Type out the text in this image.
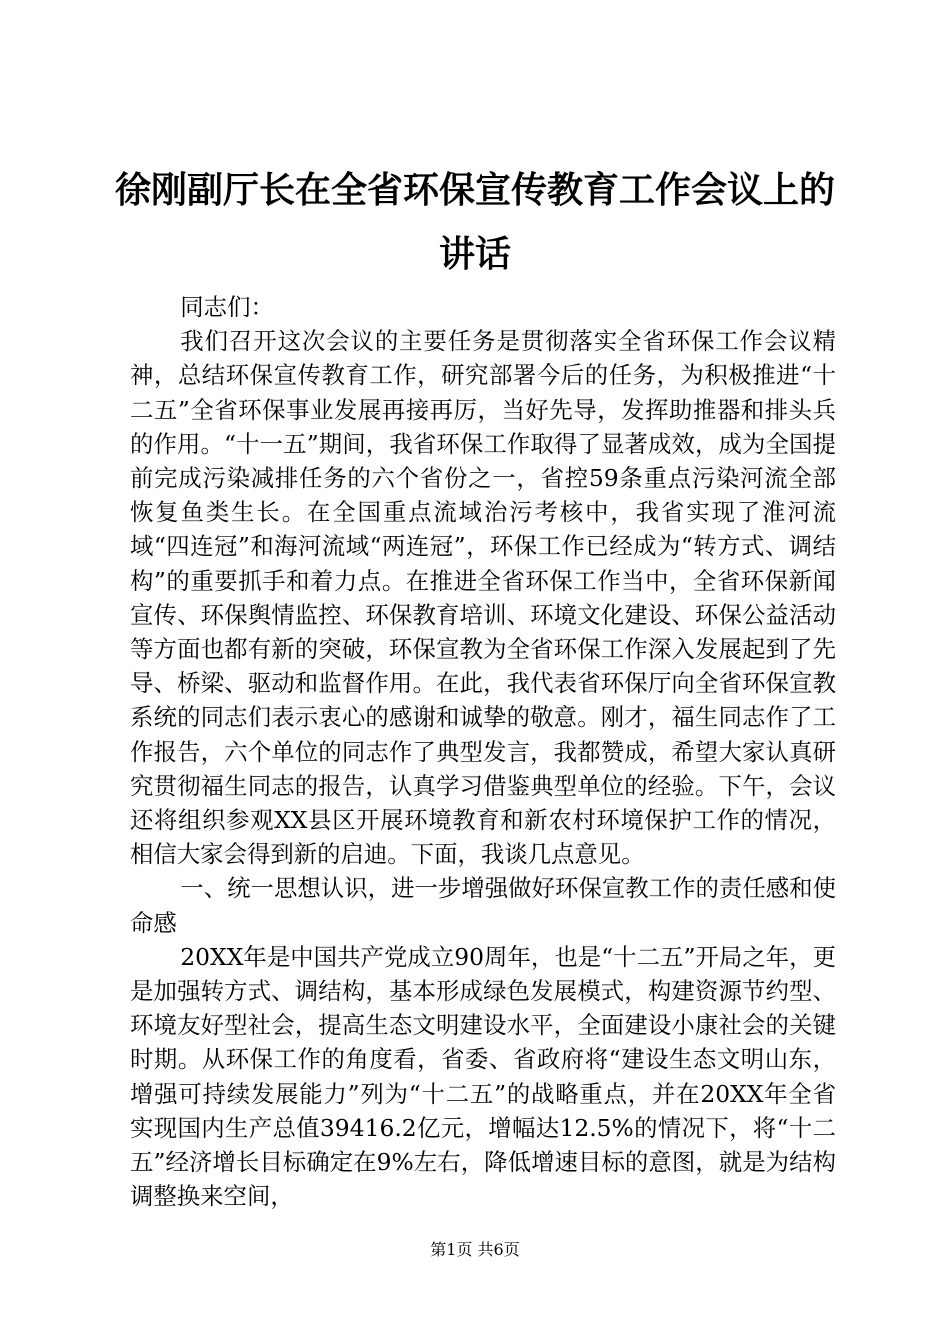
徐刚副厅长在全省环保宣传教育工作会议上的
讲话

同志们：

我们召开这次会议的主要任务是贯彻落实全省环保工作会议精神，总结环保宣传教育工作，研究部署今后的任务，为积极推进“十二五”全省环保事业发展再接再厉，当好先导，发挥助推器和排头兵的作用。“十一五”期间，我省环保工作取得了显著成效，成为全国提前完成污染减排任务的六个省份之一，省控59条重点污染河流全部恢复鱼类生长。在全国重点流域治污考核中，我省实现了淮河流域“四连冠”和海河流域“两连冠”，环保工作已经成为“转方式、调结构”的重要抓手和着力点。在推进全省环保工作当中，全省环保新闻宣传、环保舆情监控、环保教育培训、环境文化建设、环保公益活动等方面也都有新的突破，环保宣教为全省环保工作深入发展起到了先导、桥梁、驱动和监督作用。在此，我代表省环保厅向全省环保宣教系统的同志们表示衷心的感谢和诚挚的敬意。刚才，福生同志作了工作报告，六个单位的同志作了典型发言，我都赞成，希望大家认真研究贯彻福生同志的报告，认真学习借鉴典型单位的经验。下午，会议还将组织参观XX县区开展环境教育和新农村环境保护工作的情况，相信大家会得到新的启迪。下面，我谈几点意见。

一、统一思想认识，进一步增强做好环保宣教工作的责任感和使命感

20XX年是中国共产党成立90周年，也是“十二五”开局之年，更是加强转方式、调结构，基本形成绿色发展模式，构建资源节约型、环境友好型社会，提高生态文明建设水平，全面建设小康社会的关键时期。从环保工作的角度看，省委、省政府将“建设生态文明山东，增强可持续发展能力”列为“十二五”的战略重点，并在20XX年全省实现国内生产总值39416.2亿元，增幅达12.5%的情况下，将“十二五”经济增长目标确定在9%左右，降低增速目标的意图，就是为结构调整换来空间，

第1页 共6页
